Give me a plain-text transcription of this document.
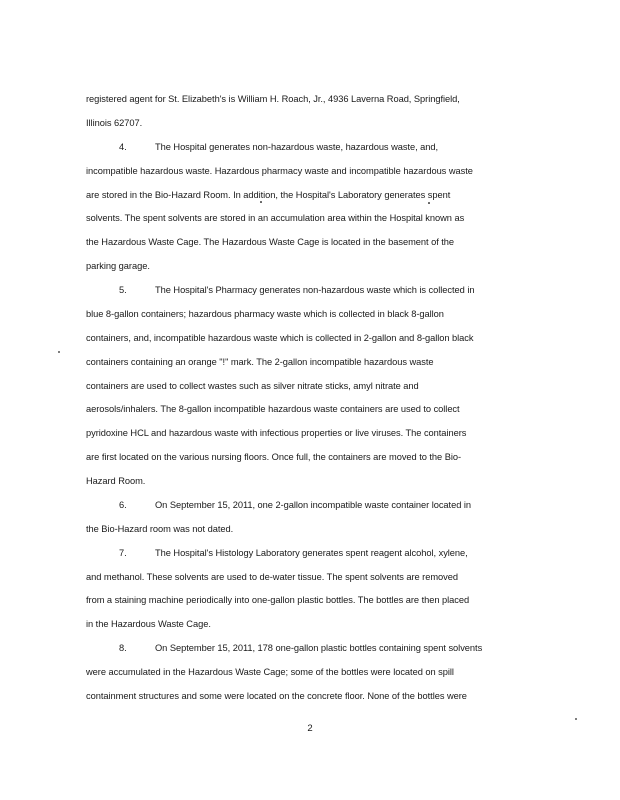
registered agent for St. Elizabeth's is William H. Roach, Jr., 4936 Laverna Road, Springfield,
Illinois 62707.
4.	The Hospital generates non-hazardous waste, hazardous waste, and,
incompatible hazardous waste. Hazardous pharmacy waste and incompatible hazardous waste
are stored in the Bio-Hazard Room. In addition, the Hospital's Laboratory generates spent
solvents. The spent solvents are stored in an accumulation area within the Hospital known as
the Hazardous Waste Cage. The Hazardous Waste Cage is located in the basement of the
parking garage.
5.	The Hospital's Pharmacy generates non-hazardous waste which is collected in
blue 8-gallon containers; hazardous pharmacy waste which is collected in black 8-gallon
containers, and, incompatible hazardous waste which is collected in 2-gallon and 8-gallon black
containers containing an orange "!" mark. The 2-gallon incompatible hazardous waste
containers are used to collect wastes such as silver nitrate sticks, amyl nitrate and
aerosols/inhalers. The 8-gallon incompatible hazardous waste containers are used to collect
pyridoxine HCL and hazardous waste with infectious properties or live viruses. The containers
are first located on the various nursing floors. Once full, the containers are moved to the Bio-
Hazard Room.
6.	On September 15, 2011, one 2-gallon incompatible waste container located in
the Bio-Hazard room was not dated.
7.	The Hospital's Histology Laboratory generates spent reagent alcohol, xylene,
and methanol. These solvents are used to de-water tissue. The spent solvents are removed
from a staining machine periodically into one-gallon plastic bottles. The bottles are then placed
in the Hazardous Waste Cage.
8.	On September 15, 2011, 178 one-gallon plastic bottles containing spent solvents
were accumulated in the Hazardous Waste Cage; some of the bottles were located on spill
containment structures and some were located on the concrete floor. None of the bottles were
2
